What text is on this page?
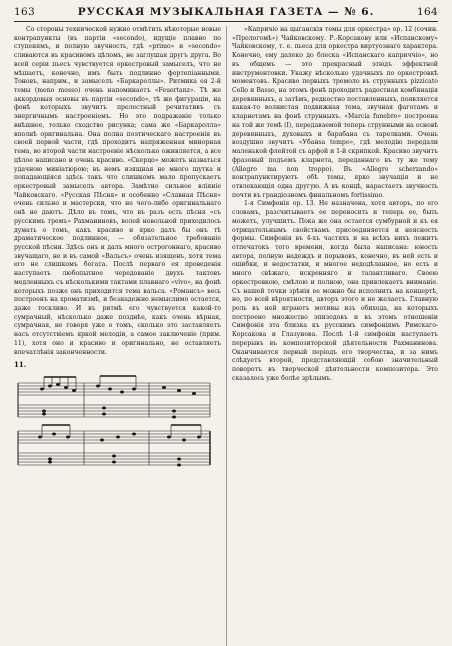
163	РУССКАЯ МУЗЫКАЛЬНАЯ ГАЗЕТА — № 6.	164

Со стороны технической нужно отмѣтить нѣкоторые новые контрапункты (въ партіи «secondo), идущіе плавно по ступенямъ, и полную звучность, гдѣ «primo» и «secondo» сливаются въ красивомъ цѣломъ, не заглушая другъ друга. Во всей серіи пьесъ чувствуется оркестровый замыселъ, что не мѣшаетъ, конечно, имъ быть подлинно фортепіанными. Тоновъ, наприм., и замыселъ «Баркароллы». Ритмика ея 2-й темы (meno mosso) очень напоминаетъ «Feuertanz». Тѣ же аккордовыя основы въ партіи «secondo», тѣ же фигураціи, на фонѣ которыхъ звучитъ прелестный речитативъ съ энергичнымъ настроеніемъ. Но это подражаніе только внѣшнее, только сходство рисунка; сама же «Баркаролла» вполнѣ оригинальна. Она полна поэтическаго настроенія въ своей первой части, гдѣ проходитъ напряженная минорная тема, во второй части настроеніе нѣсколько оживляется, а все цѣлое написано и очень красиво. «Скерцо» можетъ назваться удачною миніатюрою; въ немъ изящная не много шутка и попадающіяся здѣсь такъ что слишкомъ мало пропускаетъ оркестровый замыселъ автора. Замѣтно сильное вліяніе Чайковскаго. «Русская Пѣсня» и особенно «Славная Пѣсня» очень сильно и мастерски, что не чего-либо оригинальнаго онѣ не даютъ. Дѣло въ томъ, что въ разъ есть пѣсня «съ русскимъ тремъ» Рахманиновъ, волей невольной приходилось думать о томъ, какъ красиво и ярко далъ бы онъ тѣ драматическое подлинное, — обязательное требованіе русской пѣсни. Здѣсь онъ и далъ много острогоннаго, красиво звучащаго, не и въ самой «Вальсъ» очень изященъ, хотя тема его не слишкомъ богата. Послѣ перваго ея проведенія наступаетъ любопытное чередованіе двухъ тактовъ медленныхъ съ нѣсколькими тактами плавнаго «vivo», на фонѣ которыхъ позже онъ приходится тема вальса. «Романсъ» весь построенъ на хроматизмѣ, и безнадежно немыслимо остается, даже тоскливо. И въ ритмѣ его чувствуется какой-то сумрачный, нѣсколько даже позднѣе, какъ очень вѣрная, сумрачная, не говоря уже о томъ, сколько это заставляетъ насъ отсутствіемъ яркой мелодіи, а самое заключеніе (прим. 11), хотя оно и красиво и оригинально, не оставляетъ впечатлѣнія законченности.

11.

«Капричіо на цыганскія темы для оркестра» op. 12 (сочин. «Прологомѣ») Чайковскому. Р.-Корсакову или «Испанскому» Чайковскому, т. е. пьеса для оркестра виртуознаго характера. Конечно, ему далеко до блеска «Испанскаго каприччіо», но въ общемъ — это прекрасный этюдъ эффектной инструментовки. Укажу нѣсколько удачныхъ по оркестровкѣ моментовъ. Красиво первыхъ тремоло въ струнныхъ pizzicato Cello и Basso, на этомъ фонѣ проходитъ радостная комбинація деревянныхъ, а затѣмъ, редкостно поставленныхъ, появляется какая-то волнистая подвижная тема, звучная фаготамъ и кларнетамъ на фонѣ струнныхъ. «Marcia funebre» построена на той же темѣ (I), передаваемой теперь струнными на основѣ деревянныхъ, духовыхъ и барабана съ тарелками. Очень воздушно звучитъ «Убaнsa tempo», гдѣ мелодію передали маленькой флейтой съ арфой и 1-й скрипкой. Красиво звучитъ фразовый подъемъ кларнета, переданнаго въ ту же тему (Allegro mа non troppo). Въ «Allegro scherzando» контрапунктируютъ обѣ темы, ярко звучащія и не отвлекающія одна другую. А въ концѣ, нарастаетъ звучность почти въ грандіозномъ финальномъ fortissimo.

1-я Симфонія op. 13. Не назначена, хотя авторъ, по его словамъ, разсчитываетъ ее переносить и теперь ее, быть можетъ, улучшитъ. Пока же она остается сумбурной и къ ея отрицательнымъ свойствамъ присоединяется и неясность формы. Симфонія въ 4-хъ частяхъ и на всѣхъ нихъ лежитъ отпечатокъ того времени, когда была написана: юность автора, полную надеждъ и порывовъ, конечно, въ ней есть и ошибки, и недостатки, и многое недодѣланное, но есть и много свѣжаго, искренняго и талантливаго. Своею оркестровкою, смѣлою и полною, она привлекаетъ вниманіе. Съ нашей точки зрѣнія ее можно бы исполнить на концертѣ, но, по всей вѣроятности, авторъ этого и не желаетъ. Главную роль въ ней играютъ мотивы изъ обихода, на которыхъ построено множество эпизодовъ и въ этомъ отношеніи Симфонія эта близка къ русскимъ симфоніямъ Римскаго-Корсакова и Глазунова. Послѣ 1-й симфоніи наступаетъ перерывъ въ композиторской дѣятельности Рахманинова. Оканчивается первый періодъ его творчества, и за нимъ слѣдуетъ второй, представляющій собою значительный поворотъ въ творческой дѣятельности композитора. Это сказалось уже болѣе зрѣлымъ.
